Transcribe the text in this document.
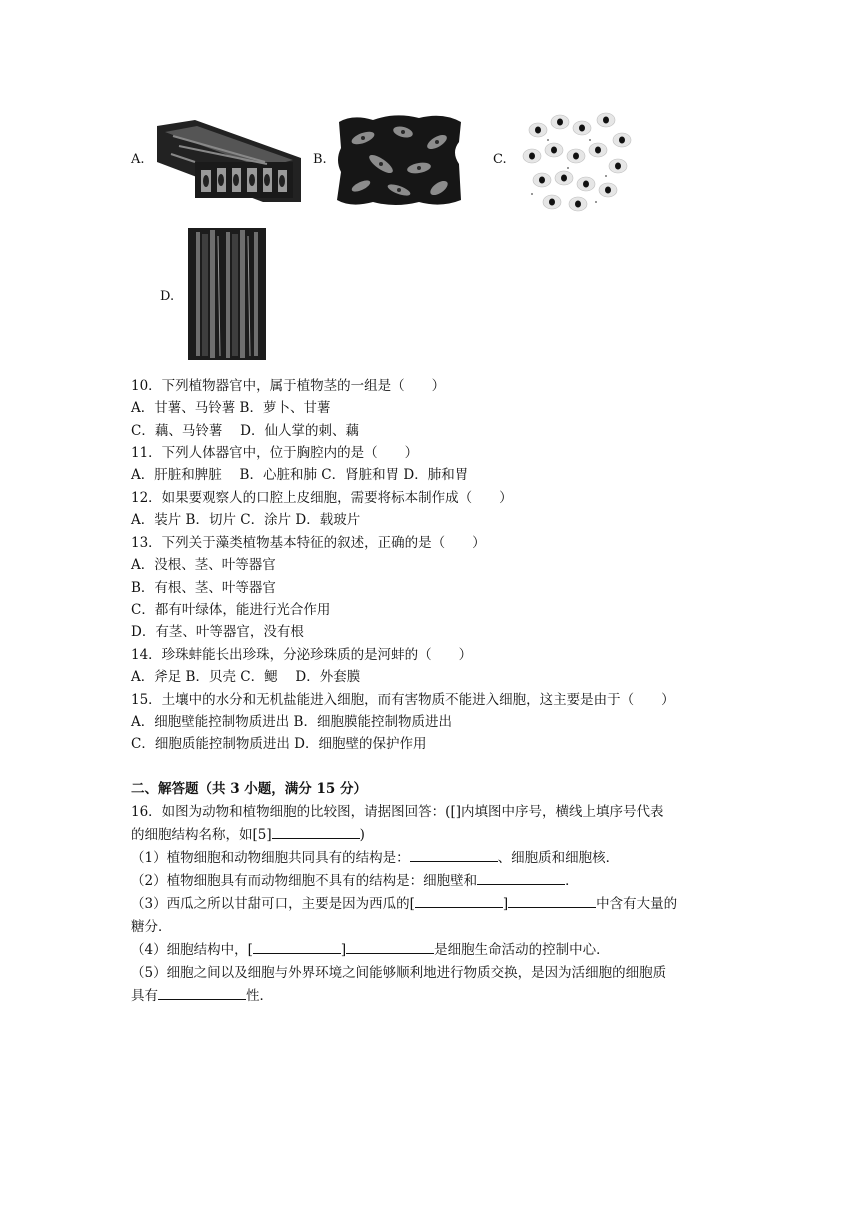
A.	B.	C.
D.
10．下列植物器官中，属于植物茎的一组是（　　）
A．甘薯、马铃薯 B．萝卜、甘薯
C．藕、马铃薯　 D．仙人掌的刺、藕
11．下列人体器官中，位于胸腔内的是（　　）
A．肝脏和脾脏　 B．心脏和肺 C．肾脏和胃 D．肺和胃
12．如果要观察人的口腔上皮细胞，需要将标本制作成（　　）
A．装片 B．切片 C．涂片 D．载玻片
13．下列关于藻类植物基本特征的叙述，正确的是（　　）
A．没根、茎、叶等器官
B．有根、茎、叶等器官
C．都有叶绿体，能进行光合作用
D．有茎、叶等器官，没有根
14．珍珠蚌能长出珍珠，分泌珍珠质的是河蚌的（　　）
A．斧足 B．贝壳 C．鳃　 D．外套膜
15．土壤中的水分和无机盐能进入细胞，而有害物质不能进入细胞，这主要是由于（　　）
A．细胞壁能控制物质进出 B．细胞膜能控制物质进出
C．细胞质能控制物质进出 D．细胞壁的保护作用
二、解答题（共 3 小题，满分 15 分）
16．如图为动物和植物细胞的比较图，请据图回答：([]内填图中序号，横线上填序号代表
的细胞结构名称，如[5]	)
（1）植物细胞和动物细胞共同具有的结构是：	、细胞质和细胞核．
（2）植物细胞具有而动物细胞不具有的结构是：细胞壁和	．
（3）西瓜之所以甘甜可口，主要是因为西瓜的[	]	中含有大量的
糖分．
（4）细胞结构中，[	]	是细胞生命活动的控制中心．
（5）细胞之间以及细胞与外界环境之间能够顺利地进行物质交换，是因为活细胞的细胞质
具有	性．
